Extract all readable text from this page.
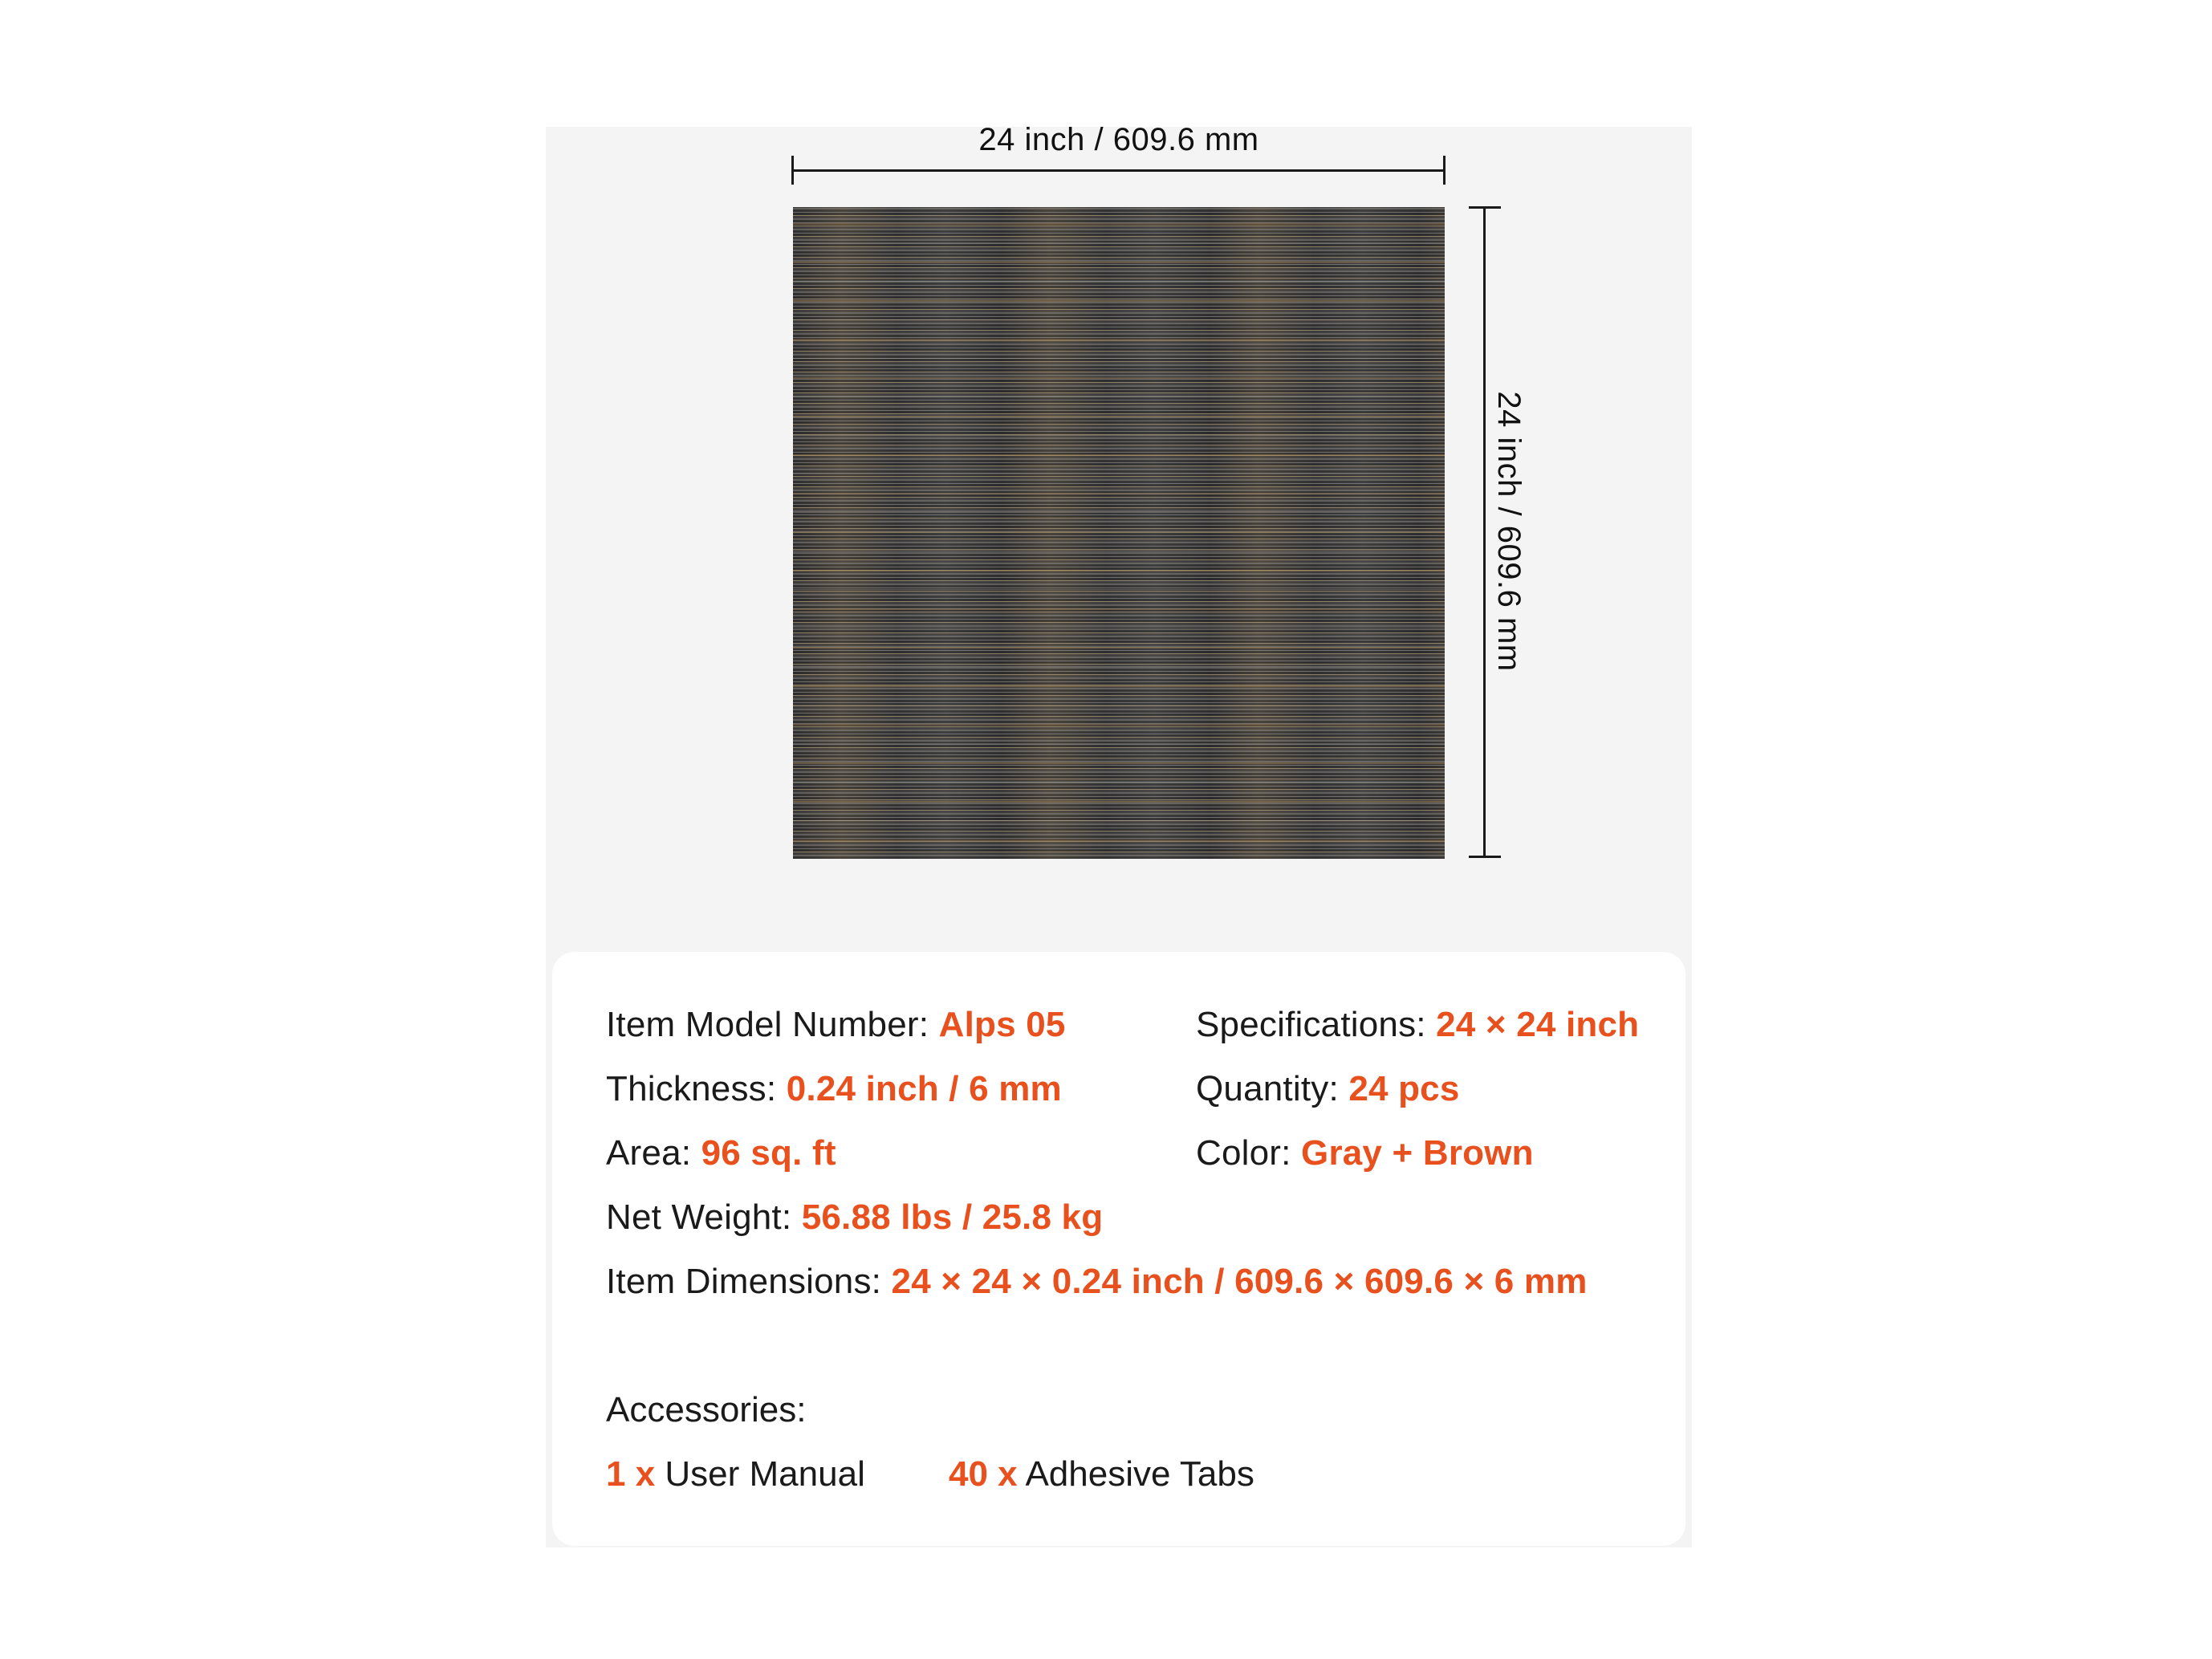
24 inch / 609.6 mm
24 inch / 609.6 mm
Item Model Number: Alps 05	Specifications: 24 × 24 inch
Thickness: 0.24 inch / 6 mm	Quantity: 24 pcs
Area: 96 sq. ft	Color: Gray + Brown
Net Weight: 56.88 lbs / 25.8 kg
Item Dimensions: 24 × 24 × 0.24 inch / 609.6 × 609.6 × 6 mm
Accessories:
1 x User Manual 40 x Adhesive Tabs
